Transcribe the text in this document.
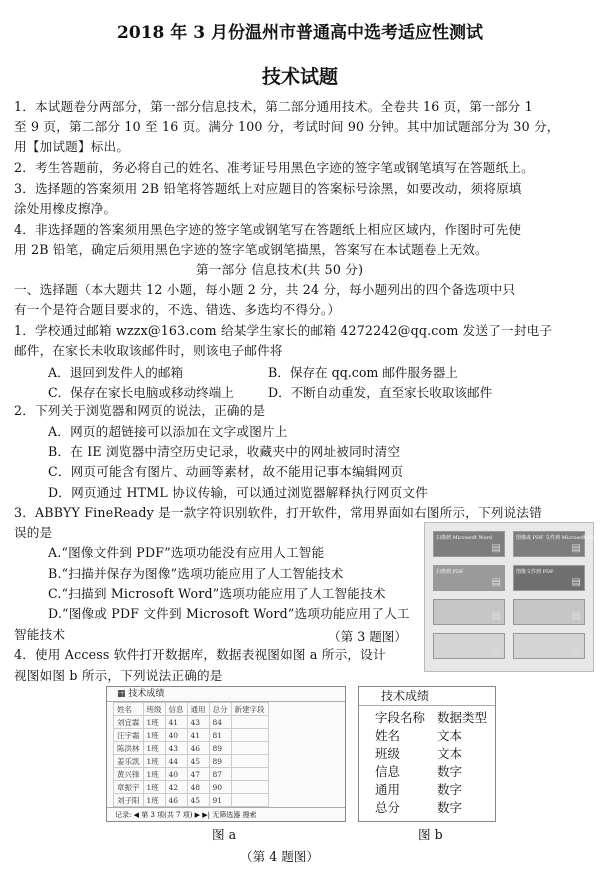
2018 年 3 月份温州市普通高中选考适应性测试
技术试题
1．本试题卷分两部分，第一部分信息技术，第二部分通用技术。全卷共 16 页，第一部分 1
至 9 页，第二部分 10 至 16 页。满分 100 分，考试时间 90 分钟。其中加试题部分为 30 分，
用【加试题】标出。
2．考生答题前，务必将自己的姓名、准考证号用黑色字迹的签字笔或钢笔填写在答题纸上。
3．选择题的答案须用 2B 铅笔将答题纸上对应题目的答案标号涂黑，如要改动，须将原填
涂处用橡皮擦净。
4．非选择题的答案须用黑色字迹的签字笔或钢笔写在答题纸上相应区域内，作图时可先使
用 2B 铅笔，确定后须用黑色字迹的签字笔或钢笔描黑，答案写在本试题卷上无效。
第一部分 信息技术(共 50 分)
一、选择题（本大题共 12 小题，每小题 2 分，共 24 分，每小题列出的四个备选项中只
有一个是符合题目要求的，不选、错选、多选均不得分。）
1．学校通过邮箱 wzzx@163.com 给某学生家长的邮箱 4272242@qq.com 发送了一封电子
邮件，在家长未收取该邮件时，则该电子邮件将
A．退回到发件人的邮箱	B．保存在 qq.com 邮件服务器上
C．保存在家长电脑或移动终端上	D．不断自动重发，直至家长收取该邮件
2．下列关于浏览器和网页的说法，正确的是
A．网页的超链接可以添加在文字或图片上
B．在 IE 浏览器中清空历史记录，收藏夹中的网址被同时清空
C．网页可能含有图片、动画等素材，故不能用记事本编辑网页
D．网页通过 HTML 协议传输，可以通过浏览器解释执行网页文件
3．ABBYY FineReady 是一款字符识别软件，打开软件，常用界面如右图所示，下列说法错
误的是
A.“图像文件到 PDF”选项功能没有应用人工智能
B.“扫描并保存为图像”选项功能应用了人工智能技术
C.“扫描到 Microsoft Word”选项功能应用了人工智能技术
D.“图像或 PDF 文件到 Microsoft Word”选项功能应用了人工
智能技术	（第 3 题图）
扫描到 Microsoft Word
▤
图像或 PDF 文件到 Microsoft Word
▤
扫描到 PDF
▤
图像文件到 PDF
▤
▤	▤
▤	▤
4．使用 Access 软件打开数据库，数据表视图如图 a 所示，设计
视图如图 b 所示，下列说法正确的是
▦ 技术成绩
姓名	班级	信息	通用	总分	新建字段
刘宜霖	1班	41	43	84	
汪宇霜	1班	40	41	81	
陈洪林	1班	43	46	89	
姜乐凯	1班	44	45	89	
黄兴锋	1班	40	47	87	
章振宇	1班	42	48	90	
刘子阳	1班	46	45	91	
记录: ◀ 第 3 项(共 7 项) ▶ ▶| 无筛选器 搜索
技术成绩
字段名称	数据类型
姓名	文本
班级	文本
信息	数字
通用	数字
总分	数字
图 a	图 b
（第 4 题图）
